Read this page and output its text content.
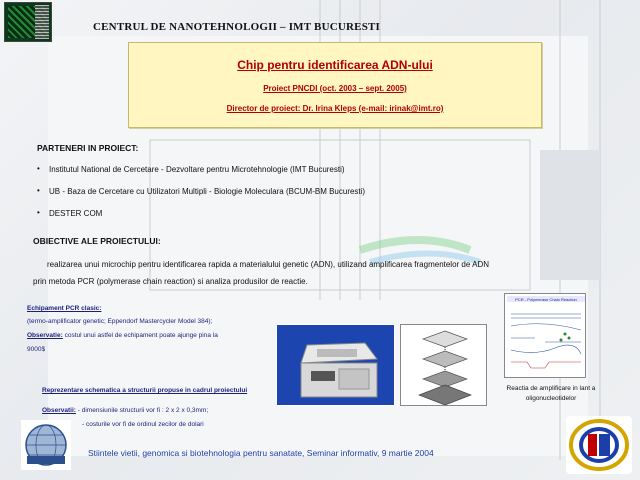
CENTRUL DE NANOTEHNOLOGII – IMT BUCURESTI
Chip pentru identificarea ADN-ului
Proiect PNCDI (oct. 2003 – sept. 2005)
Director de proiect: Dr. Irina Kleps (e-mail: irinak@imt.ro)
PARTENERI IN PROIECT:
• Institutul National de Cercetare - Dezvoltare pentru Microtehnologie (IMT Bucuresti)
• UB - Baza de Cercetare cu Utilizatori Multipli - Biologie Moleculara (BCUM-BM Bucuresti)
• DESTER COM
OBIECTIVE ALE PROIECTULUI:
realizarea unui microchip pentru identificarea rapida a materialului genetic (ADN), utilizand amplificarea fragmentelor de ADN
prin metoda PCR (polymerase chain reaction) si analiza produsilor de reactie.
Echipament PCR clasic:
(termo-amplificator genetic; Eppendorf Mastercycler Model 384);
Observatie: costul unui astfel de echipament poate ajunge pina la
9000$
Reprezentare schematica a structurii propuse in cadrul proiectului
Observatii: - dimensiunile structurii vor fi : 2 x 2 x 0,3mm;
- costurile vor fi de ordinul zecilor de dolari
PCR - Polymerase Chain Reaction
Reactia de amplificare in lant a
oligonucleotidelor
Stiintele vietii, genomica si biotehnologia pentru sanatate, Seminar informativ, 9 martie 2004
